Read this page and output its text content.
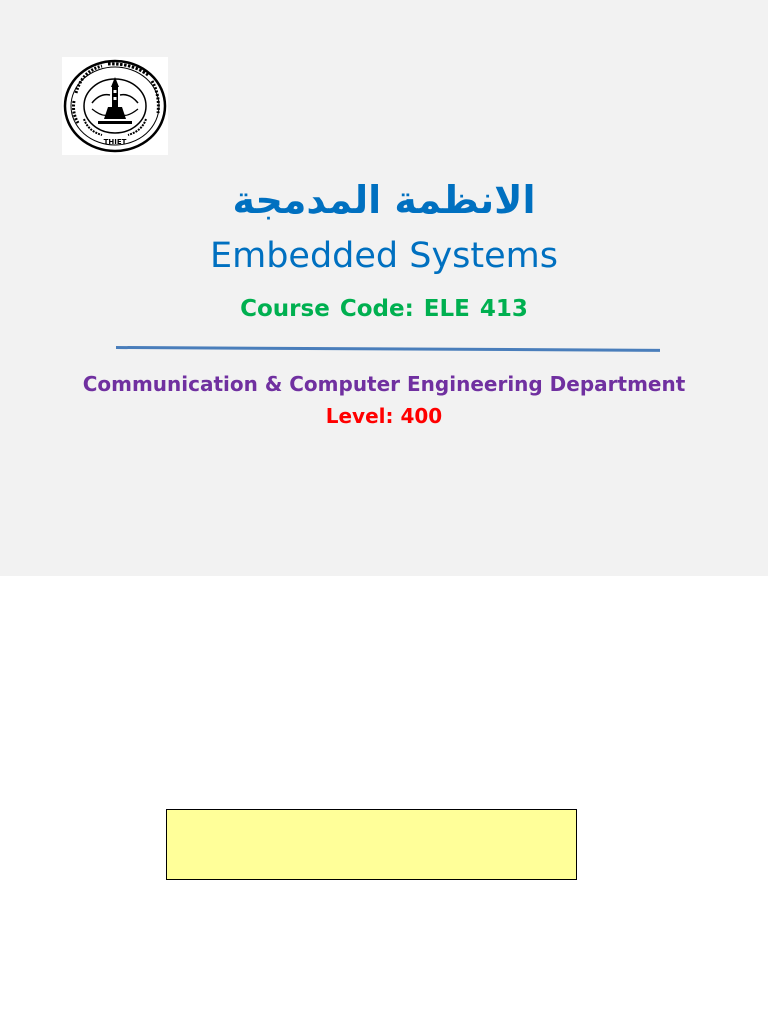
THIET
الانظمة المدمجة
Embedded Systems
Course Code: ELE 413
Communication & Computer Engineering Department
Level: 400
